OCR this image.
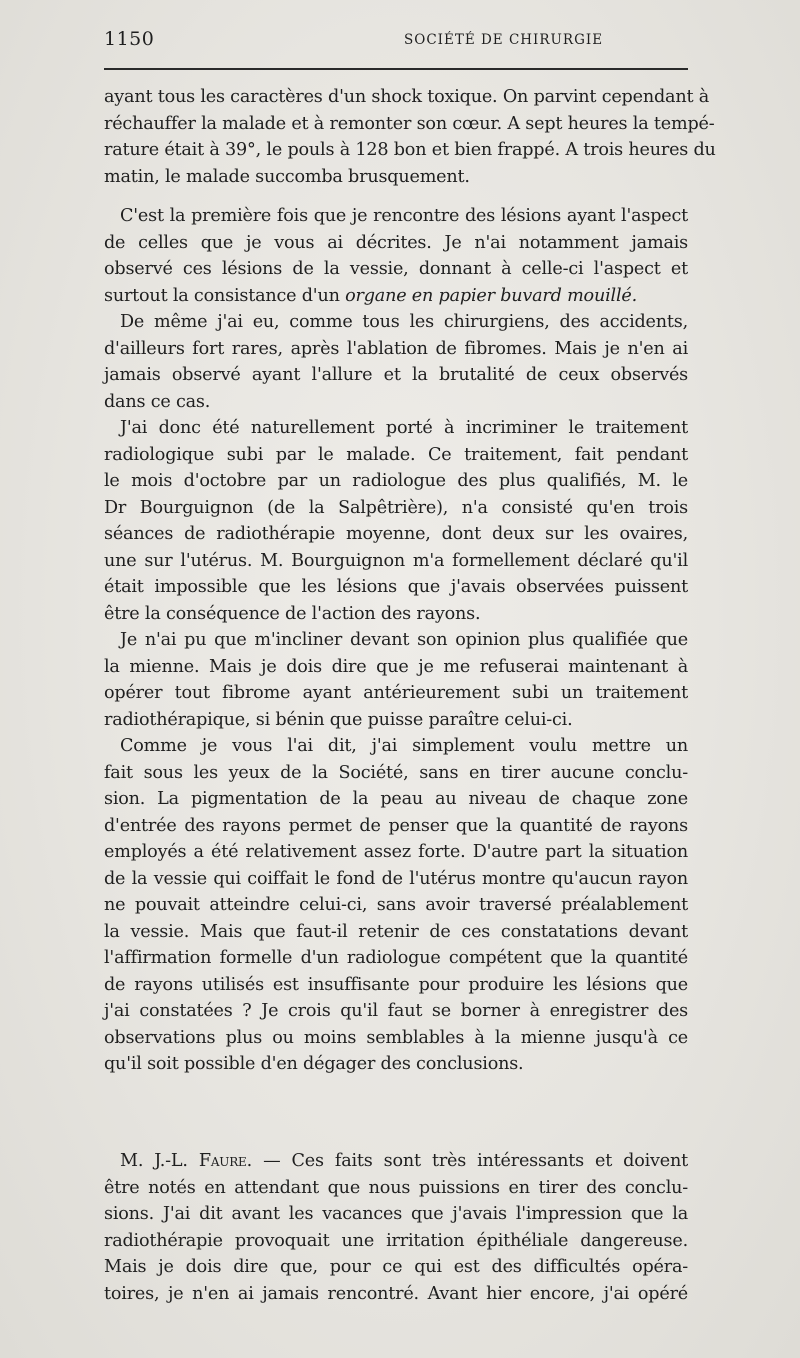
1150	SOCIÉTÉ DE CHIRURGIE
ayant tous les caractères d'un shock toxique. On parvint cependant à
réchauffer la malade et à remonter son cœur. A sept heures la tempé-
rature était à 39°, le pouls à 128 bon et bien frappé. A trois heures du
matin, le malade succomba brusquement.
C'est la première fois que je rencontre des lésions ayant l'aspect
de celles que je vous ai décrites. Je n'ai notamment jamais
observé ces lésions de la vessie, donnant à celle-ci l'aspect et
surtout la consistance d'un organe en papier buvard mouillé.
De même j'ai eu, comme tous les chirurgiens, des accidents,
d'ailleurs fort rares, après l'ablation de fibromes. Mais je n'en ai
jamais observé ayant l'allure et la brutalité de ceux observés
dans ce cas.
J'ai donc été naturellement porté à incriminer le traitement
radiologique subi par le malade. Ce traitement, fait pendant
le mois d'octobre par un radiologue des plus qualifiés, M. le
Dr Bourguignon (de la Salpêtrière), n'a consisté qu'en trois
séances de radiothérapie moyenne, dont deux sur les ovaires,
une sur l'utérus. M. Bourguignon m'a formellement déclaré qu'il
était impossible que les lésions que j'avais observées puissent
être la conséquence de l'action des rayons.
Je n'ai pu que m'incliner devant son opinion plus qualifiée que
la mienne. Mais je dois dire que je me refuserai maintenant à
opérer tout fibrome ayant antérieurement subi un traitement
radiothérapique, si bénin que puisse paraître celui-ci.
Comme je vous l'ai dit, j'ai simplement voulu mettre un
fait sous les yeux de la Société, sans en tirer aucune conclu-
sion. La pigmentation de la peau au niveau de chaque zone
d'entrée des rayons permet de penser que la quantité de rayons
employés a été relativement assez forte. D'autre part la situation
de la vessie qui coiffait le fond de l'utérus montre qu'aucun rayon
ne pouvait atteindre celui-ci, sans avoir traversé préalablement
la vessie. Mais que faut-il retenir de ces constatations devant
l'affirmation formelle d'un radiologue compétent que la quantité
de rayons utilisés est insuffisante pour produire les lésions que
j'ai constatées ? Je crois qu'il faut se borner à enregistrer des
observations plus ou moins semblables à la mienne jusqu'à ce
qu'il soit possible d'en dégager des conclusions.
M. J.-L. Faure. — Ces faits sont très intéressants et doivent
être notés en attendant que nous puissions en tirer des conclu-
sions. J'ai dit avant les vacances que j'avais l'impression que la
radiothérapie provoquait une irritation épithéliale dangereuse.
Mais je dois dire que, pour ce qui est des difficultés opéra-
toires, je n'en ai jamais rencontré. Avant hier encore, j'ai opéré
